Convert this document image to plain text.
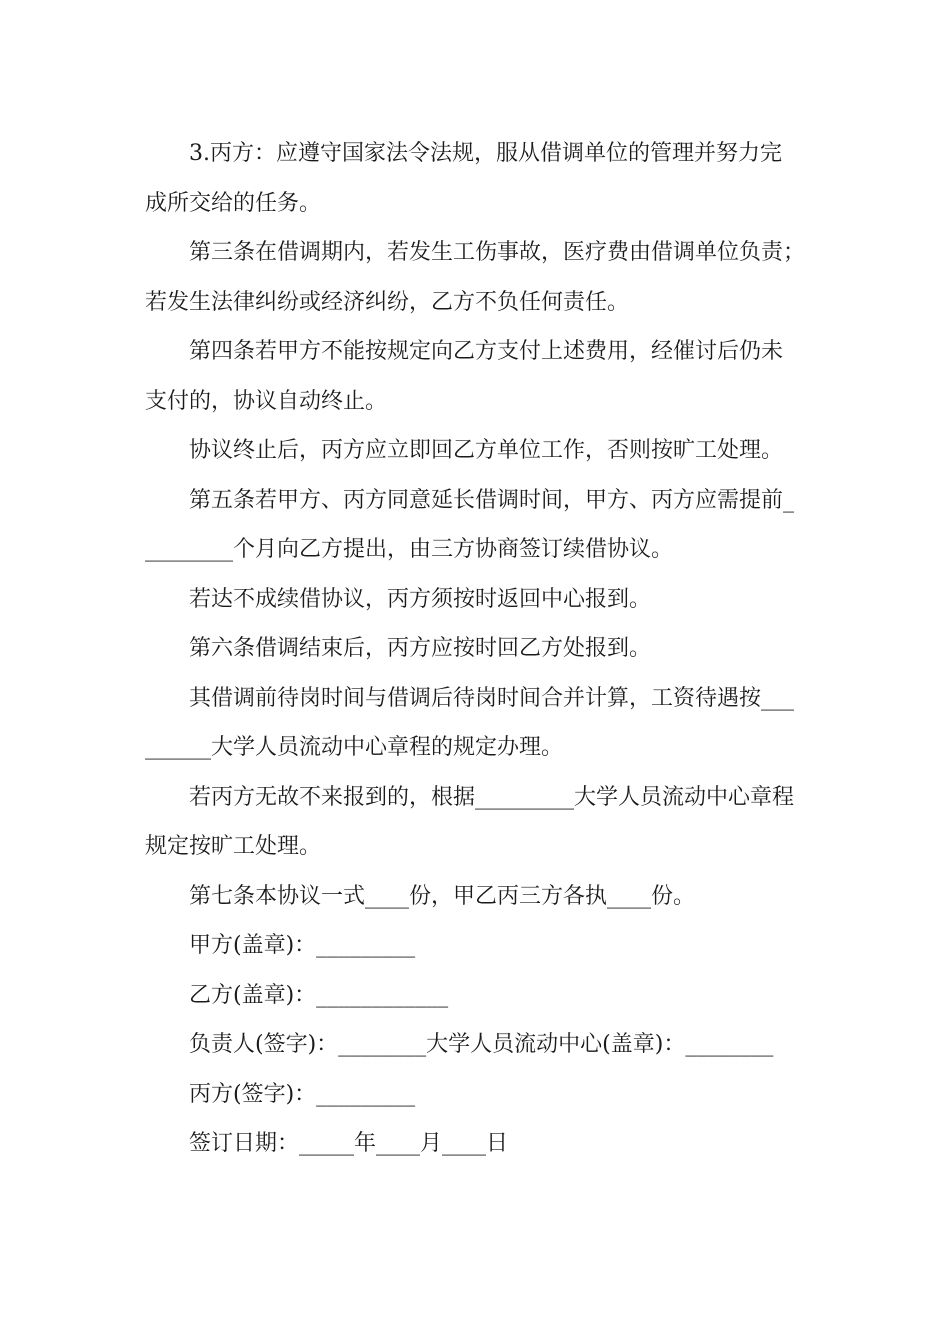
3.丙方：应遵守国家法令法规，服从借调单位的管理并努力完
成所交给的任务。

第三条在借调期内，若发生工伤事故，医疗费由借调单位负责；
若发生法律纠纷或经济纠纷，乙方不负任何责任。

第四条若甲方不能按规定向乙方支付上述费用，经催讨后仍未
支付的，协议自动终止。

协议终止后，丙方应立即回乙方单位工作，否则按旷工处理。

第五条若甲方、丙方同意延长借调时间，甲方、丙方应需提前_
________个月向乙方提出，由三方协商签订续借协议。

若达不成续借协议，丙方须按时返回中心报到。

第六条借调结束后，丙方应按时回乙方处报到。

其借调前待岗时间与借调后待岗时间合并计算，工资待遇按___
______大学人员流动中心章程的规定办理。

若丙方无故不来报到的，根据_________大学人员流动中心章程
规定按旷工处理。

第七条本协议一式____份，甲乙丙三方各执____份。

甲方(盖章)：_________

乙方(盖章)：____________

负责人(签字)：________大学人员流动中心(盖章)：________

丙方(签字)：_________

签订日期：_____年____月____日
